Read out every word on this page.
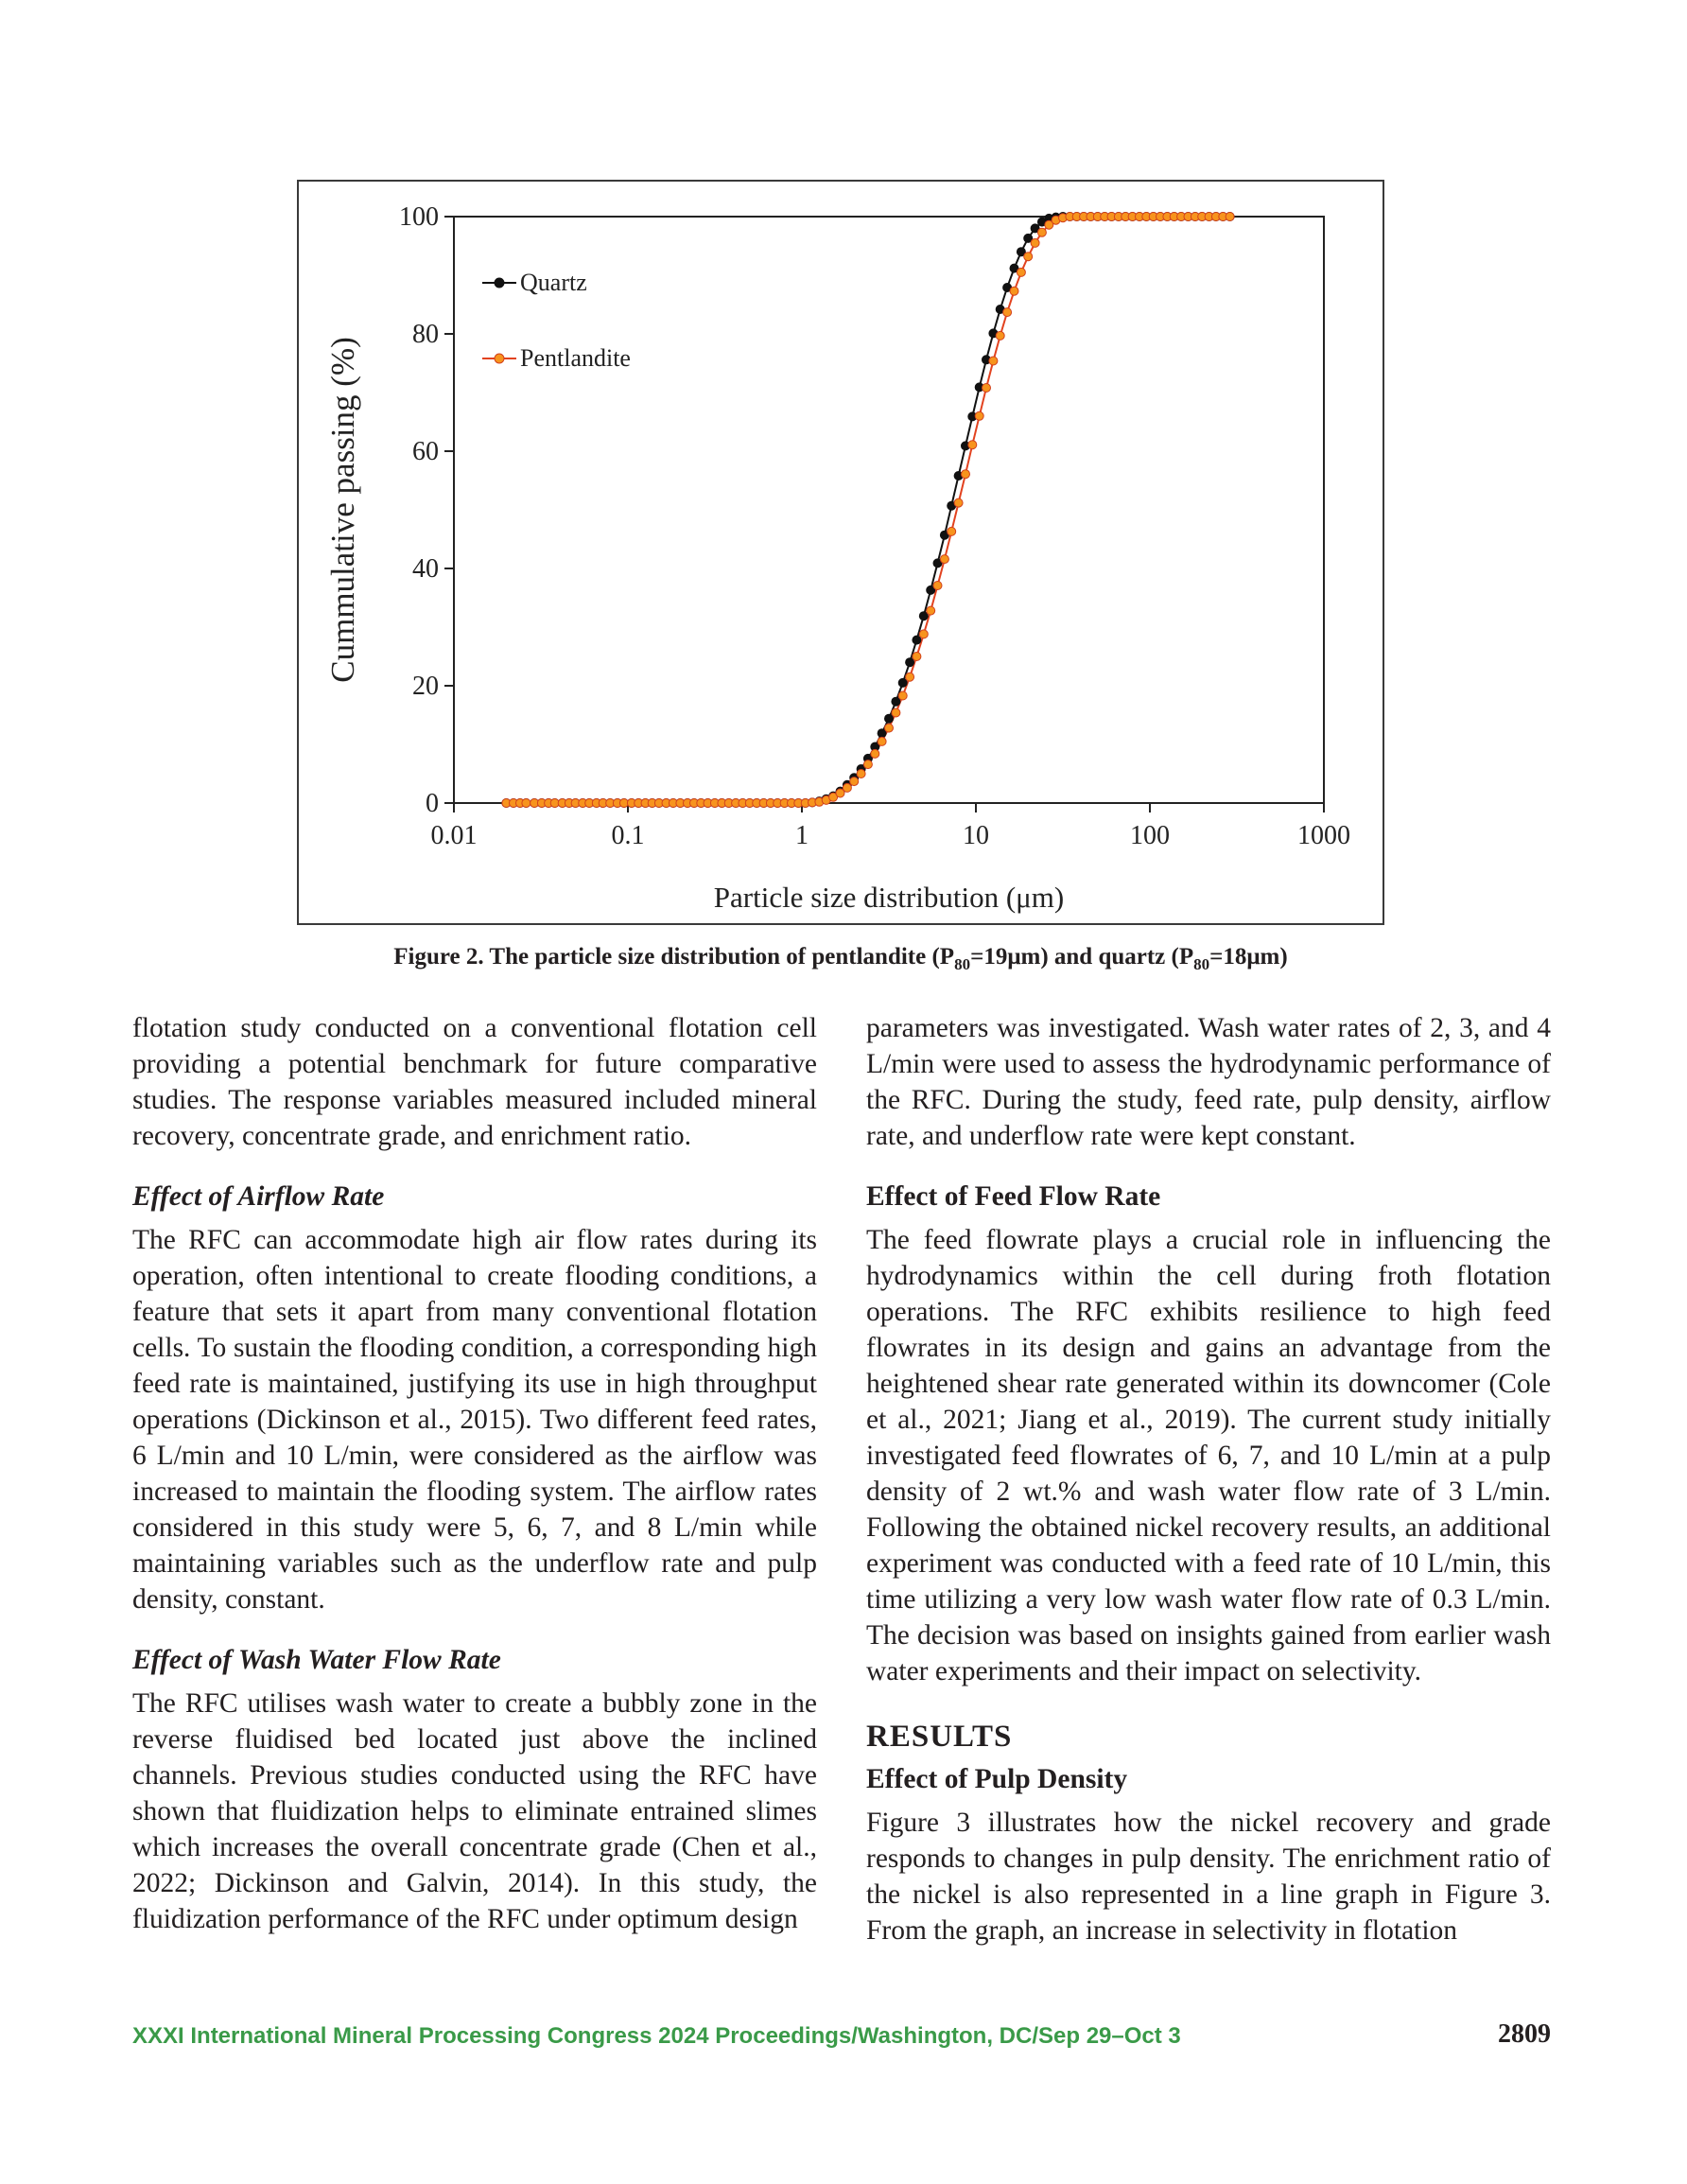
Quartz
Pentlandite
0
20
40
60
80
100
0.01	0.1	1	10	100	1000
Particle size distribution (μm)
Cummulative passing (%)
Figure 2. The particle size distribution of pentlandite $(P_{80}=19\mu m)$ and quartz $(P_{80}=18\mu m)$

flotation study conducted on a conventional flotation cell providing a potential benchmark for future comparative studies. The response variables measured included mineral recovery, concentrate grade, and enrichment ratio.

Effect of Airflow Rate

The RFC can accommodate high air flow rates during its operation, often intentional to create flooding conditions, a feature that sets it apart from many conventional flotation cells. To sustain the flooding condition, a corresponding high feed rate is maintained, justifying its use in high throughput operations (Dickinson et al., 2015). Two different feed rates, 6 L/min and 10 L/min, were considered as the airflow was increased to maintain the flooding system. The airflow rates considered in this study were 5, 6, 7, and 8 L/min while maintaining variables such as the underflow rate and pulp density, constant.

Effect of Wash Water Flow Rate

The RFC utilises wash water to create a bubbly zone in the reverse fluidised bed located just above the inclined channels. Previous studies conducted using the RFC have shown that fluidization helps to eliminate entrained slimes which increases the overall concentrate grade (Chen et al., 2022; Dickinson and Galvin, 2014). In this study, the fluidization performance of the RFC under optimum design

parameters was investigated. Wash water rates of 2, 3, and 4 L/min were used to assess the hydrodynamic performance of the RFC. During the study, feed rate, pulp density, airflow rate, and underflow rate were kept constant.

Effect of Feed Flow Rate

The feed flowrate plays a crucial role in influencing the hydrodynamics within the cell during froth flotation operations. The RFC exhibits resilience to high feed flowrates in its design and gains an advantage from the heightened shear rate generated within its downcomer (Cole et al., 2021; Jiang et al., 2019). The current study initially investigated feed flowrates of 6, 7, and 10 L/min at a pulp density of 2 wt.% and wash water flow rate of 3 L/min. Following the obtained nickel recovery results, an additional experiment was conducted with a feed rate of 10 L/min, this time utilizing a very low wash water flow rate of 0.3 L/min. The decision was based on insights gained from earlier wash water experiments and their impact on selectivity.

RESULTS
Effect of Pulp Density

Figure 3 illustrates how the nickel recovery and grade responds to changes in pulp density. The enrichment ratio of the nickel is also represented in a line graph in Figure 3. From the graph, an increase in selectivity in flotation

XXXI International Mineral Processing Congress 2024 Proceedings/Washington, DC/Sep 29–Oct 3	2809
